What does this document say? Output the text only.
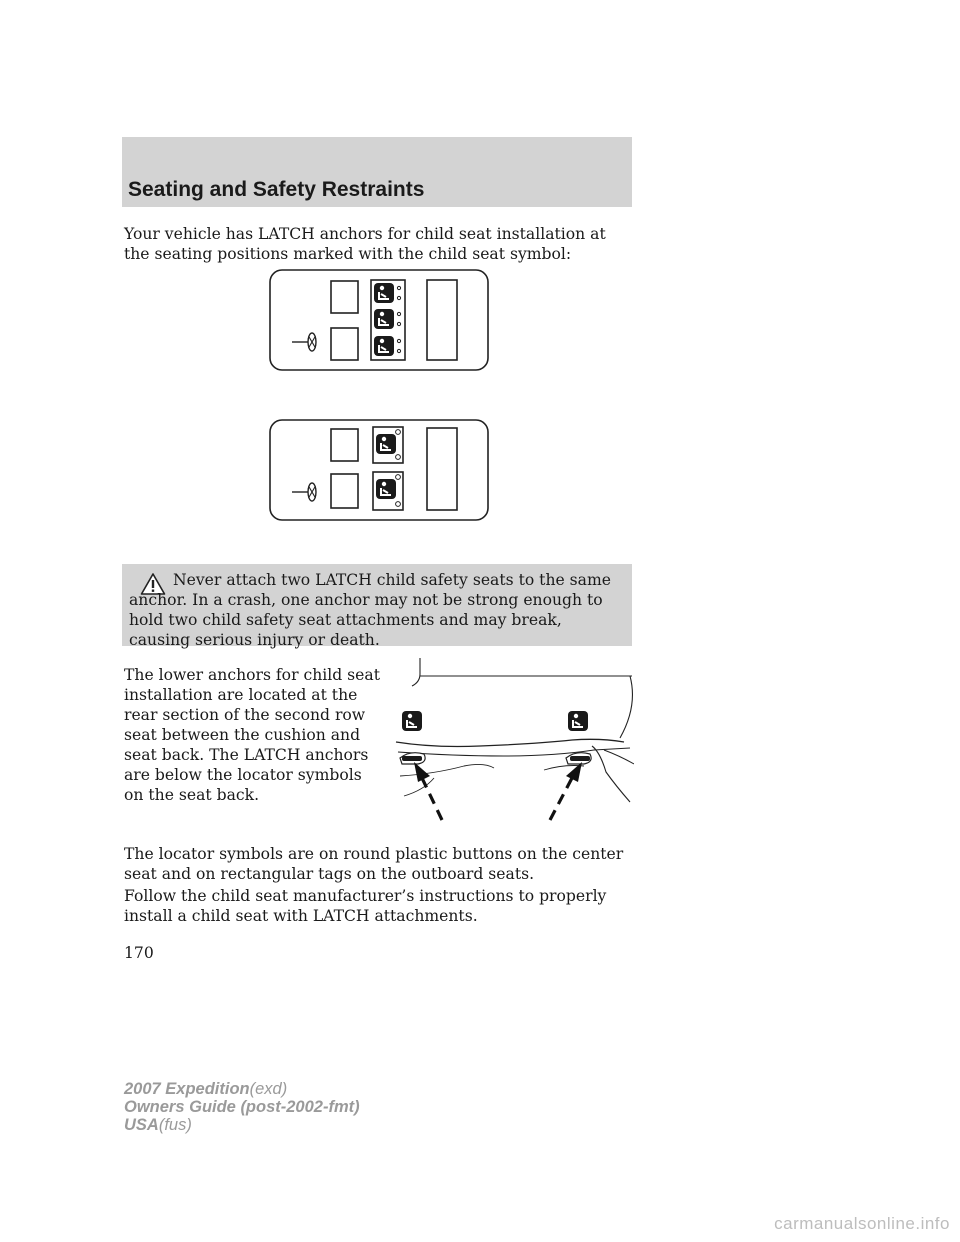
Seating and Safety Restraints

Your vehicle has LATCH anchors for child seat installation at the seating positions marked with the child seat symbol:

Never attach two LATCH child safety seats to the same anchor. In a crash, one anchor may not be strong enough to hold two child safety seat attachments and may break, causing serious injury or death.

The lower anchors for child seat installation are located at the rear section of the second row seat between the cushion and seat back. The LATCH anchors are below the locator symbols on the seat back.

The locator symbols are on round plastic buttons on the center seat and on rectangular tags on the outboard seats.

Follow the child seat manufacturer’s instructions to properly install a child seat with LATCH attachments.

170
2007 Expedition(exd)
Owners Guide (post-2002-fmt)
USA(fus)
carmanualsonline.info
